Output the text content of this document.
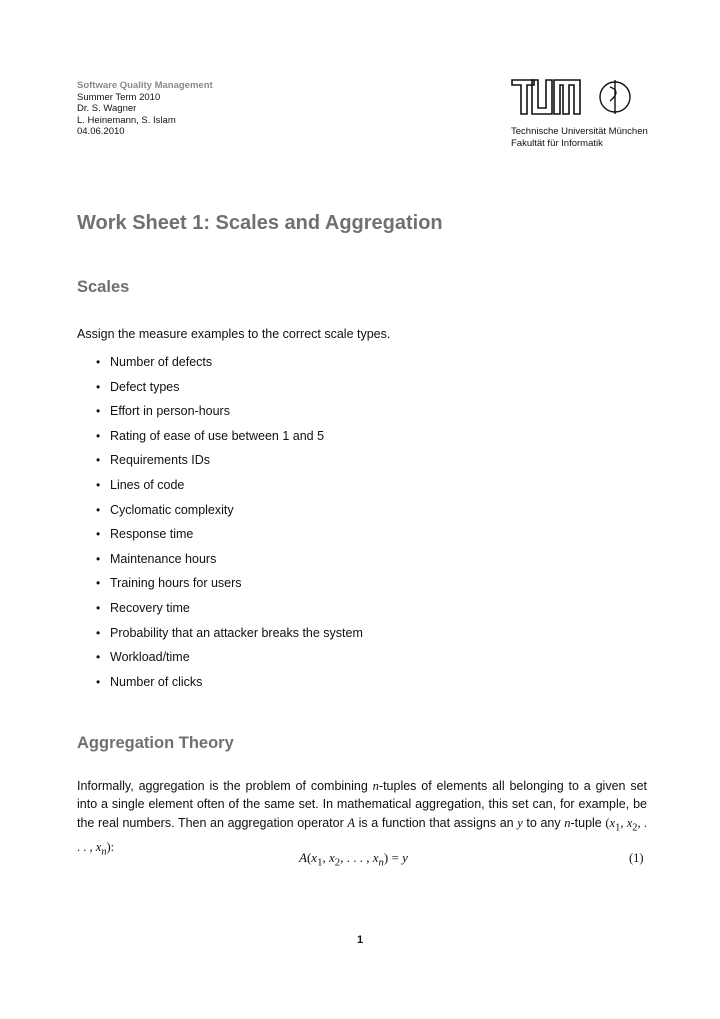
Software Quality Management
Summer Term 2010
Dr. S. Wagner
L. Heinemann, S. Islam
04.06.2010	Technische Universität München
Fakultät für Informatik
Work Sheet 1: Scales and Aggregation
Scales

Assign the measure examples to the correct scale types.

• Number of defects
• Defect types
• Effort in person-hours
• Rating of ease of use between 1 and 5
• Requirements IDs
• Lines of code
• Cyclomatic complexity
• Response time
• Maintenance hours
• Training hours for users
• Recovery time
• Probability that an attacker breaks the system
• Workload/time
• Number of clicks
Aggregation Theory

Informally, aggregation is the problem of combining n-tuples of elements all belonging to a given set into a single element often of the same set. In mathematical aggregation, this set can, for example, be the real numbers. Then an aggregation operator A is a function that assigns an y to any n-tuple ($x_1$, $x_2$, . . . , $x_n$):

$A(x_1$, $x_2$, . . . , $x_n) = y$	(1)
1
